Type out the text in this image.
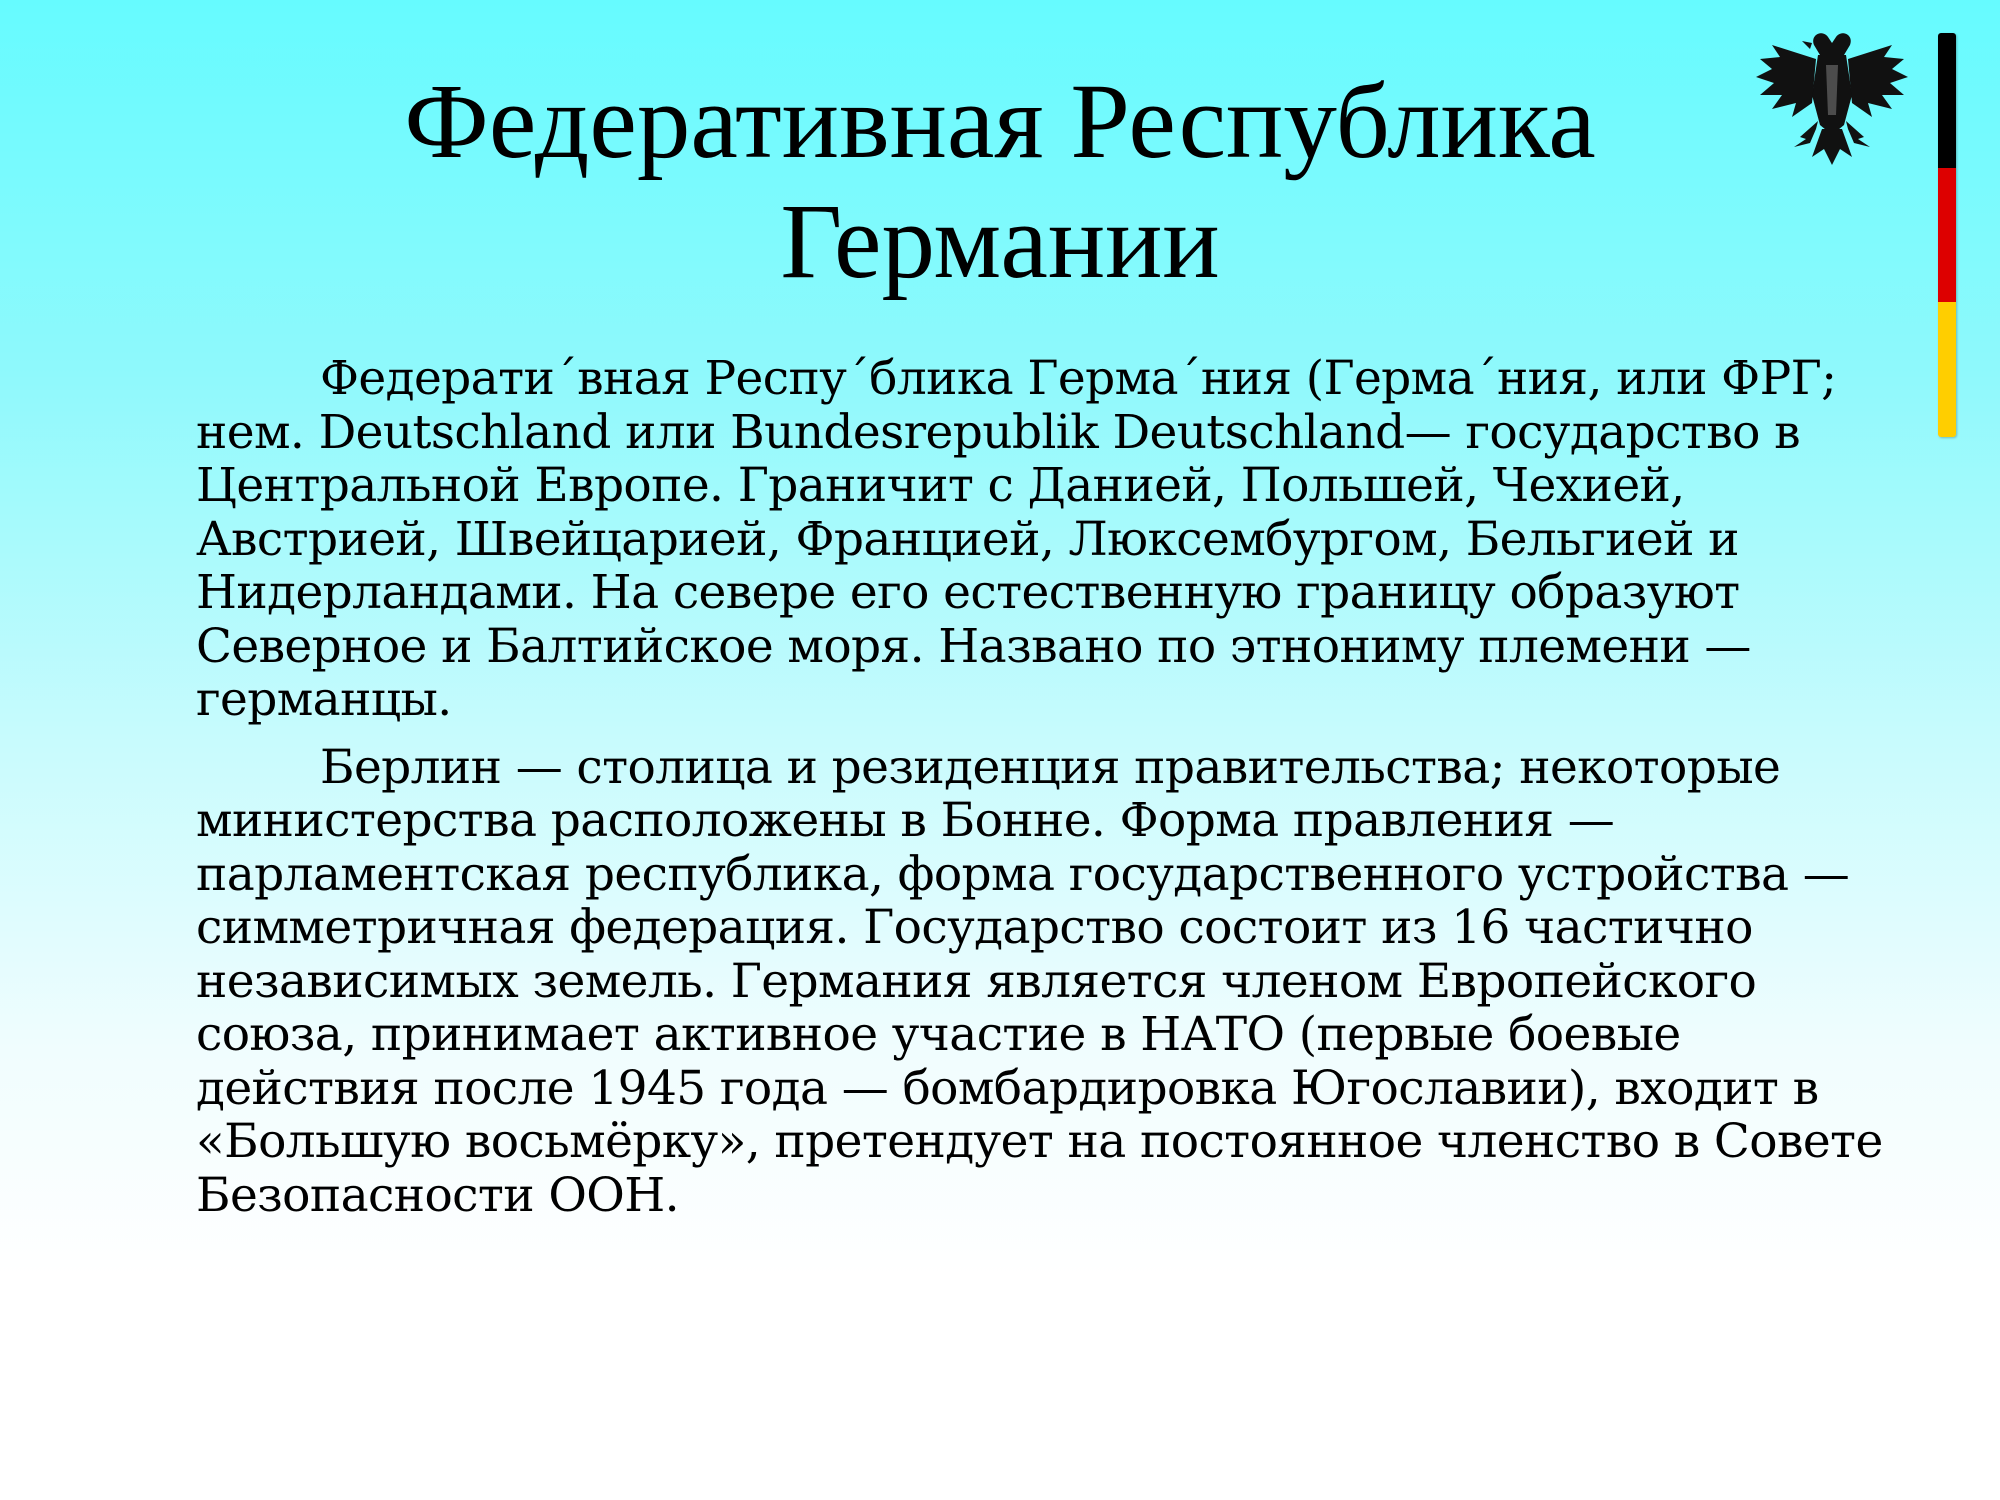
Федеративная Республика Германии

Федерати´вная Респу´блика Герма´ния (Герма´ния, или ФРГ; нем. Deutschland или Bundesrepublik Deutschland— государство в Центральной Европе. Граничит с Данией, Польшей, Чехией, Австрией, Швейцарией, Францией, Люксембургом, Бельгией и Нидерландами. На севере его естественную границу образуют Северное и Балтийское моря. Названо по этнониму племени — германцы.

Берлин — столица и резиденция правительства; некоторые министерства расположены в Бонне. Форма правления — парламентская республика, форма государственного устройства — симметричная федерация. Государство состоит из 16 частично независимых земель. Германия является членом Европейского союза, принимает активное участие в НАТО (первые боевые действия после 1945 года — бомбардировка Югославии), входит в «Большую восьмёрку», претендует на постоянное членство в Совете Безопасности ООН.
